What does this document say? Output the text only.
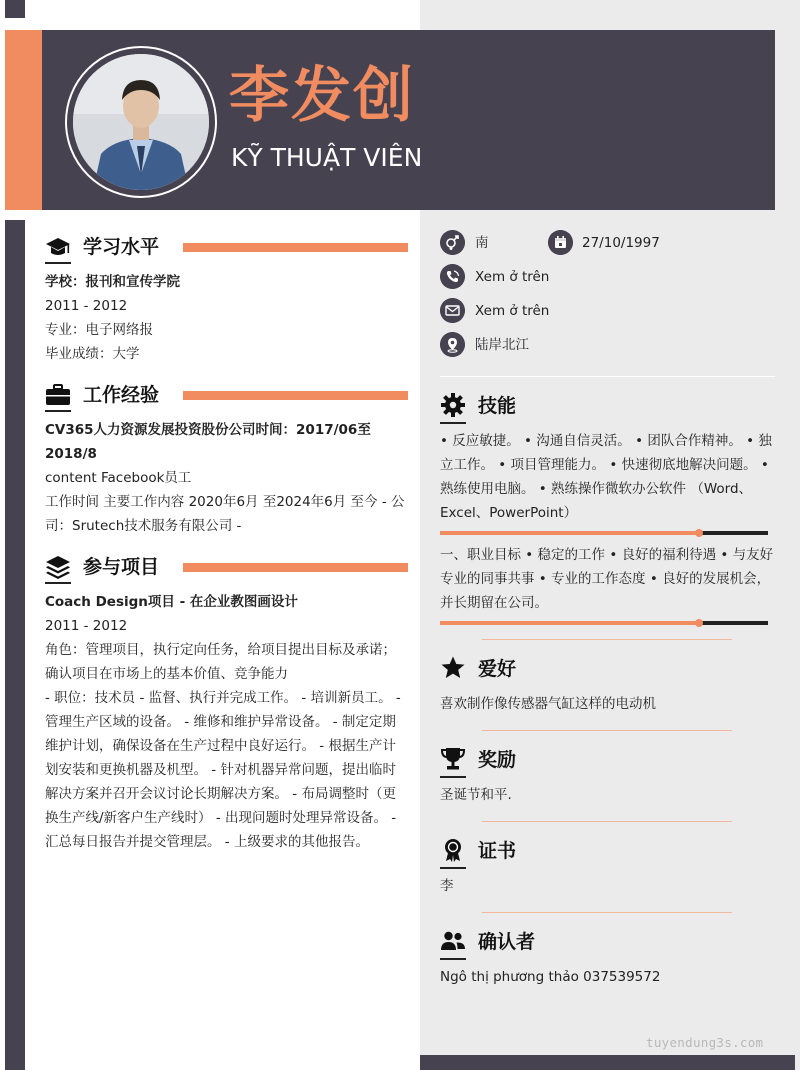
李发创
KỸ THUẬT VIÊN
学习水平
学校：报刊和宣传学院
2011 - 2012
专业：电子网络报
毕业成绩：大学
工作经验
CV365人力资源发展投资股份公司时间：2017/06至2018/8
content Facebook员工
工作时间 主要工作内容 2020年6月 至2024年6月 至今 - 公司：Srutech技术服务有限公司 -
参与项目
Coach Design项目 - 在企业教图画设计
2011 - 2012
角色：管理项目，执行定向任务，给项目提出目标及承诺；确认项目在市场上的基本价值、竞争能力
- 职位：技术员 - 监督、执行并完成工作。 - 培训新员工。 - 管理生产区域的设备。 - 维修和维护异常设备。 - 制定定期维护计划，确保设备在生产过程中良好运行。 - 根据生产计划安装和更换机器及机型。 - 针对机器异常问题，提出临时解决方案并召开会议讨论长期解决方案。 - 布局调整时（更换生产线/新客户生产线时） - 出现问题时处理异常设备。 - 汇总每日报告并提交管理层。 - 上级要求的其他报告。
南	27/10/1997
Xem ở trên
Xem ở trên
陆岸北江
技能
• 反应敏捷。 • 沟通自信灵活。 • 团队合作精神。 • 独立工作。 • 项目管理能力。 • 快速彻底地解决问题。 • 熟练使用电脑。 • 熟练操作微软办公软件 （Word、Excel、PowerPoint）
一、职业目标 • 稳定的工作 • 良好的福利待遇 • 与友好专业的同事共事 • 专业的工作态度 • 良好的发展机会，并长期留在公司。
爱好
喜欢制作像传感器气缸这样的电动机
奖励
圣诞节和平.
证书
李
确认者
Ngô thị phương thảo 037539572
tuyendung3s.com
